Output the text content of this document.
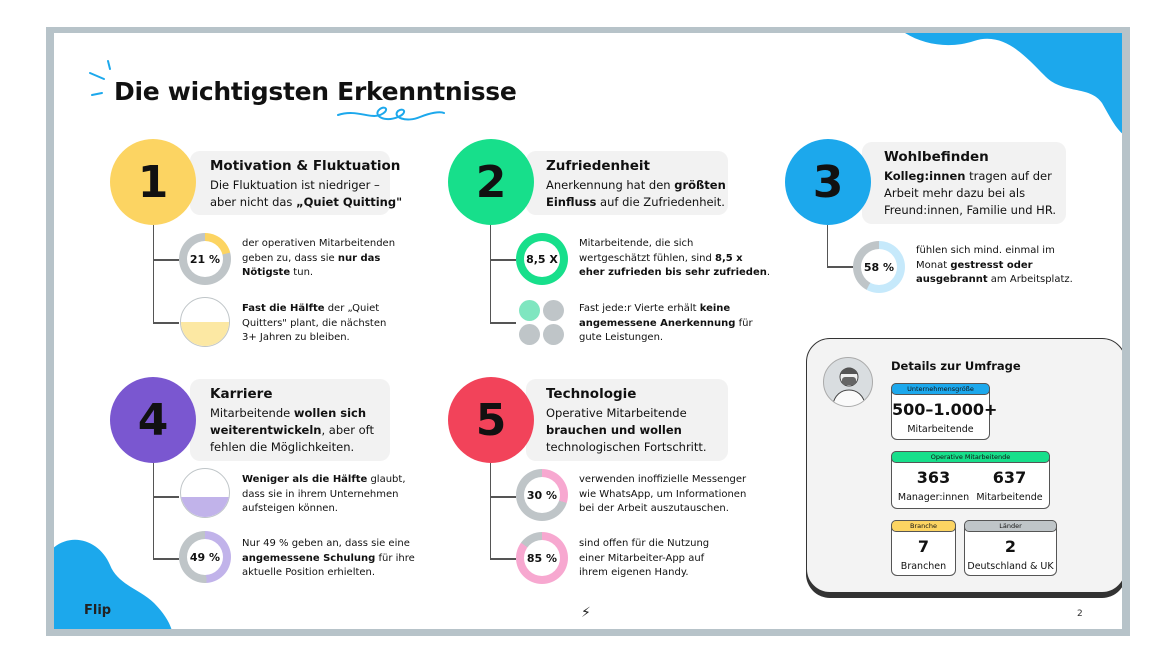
Die wichtigsten Erkenntnisse
Motivation & Fluktuation
Die Fluktuation ist niedriger –
aber nicht das „Quiet Quitting"
1
21 %
der operativen Mitarbeitenden
geben zu, dass sie nur das
Nötigste tun.
Fast die Hälfte der „Quiet
Quitters" plant, die nächsten
3+ Jahren zu bleiben.
Zufriedenheit
Anerkennung hat den größten
Einfluss auf die Zufriedenheit.
2
8,5 X
Mitarbeitende, die sich
wertgeschätzt fühlen, sind 8,5 x
eher zufrieden bis sehr zufrieden.
Fast jede:r Vierte erhält keine
angemessene Anerkennung für
gute Leistungen.
Wohlbefinden
Kolleg:innen tragen auf der
Arbeit mehr dazu bei als
Freund:innen, Familie und HR.
3
58 %
fühlen sich mind. einmal im
Monat gestresst oder
ausgebrannt am Arbeitsplatz.
Karriere
Mitarbeitende wollen sich
weiterentwickeln, aber oft
fehlen die Möglichkeiten.
4
Weniger als die Hälfte glaubt,
dass sie in ihrem Unternehmen
aufsteigen können.
49 %
Nur 49 % geben an, dass sie eine
angemessene Schulung für ihre
aktuelle Position erhielten.
Technologie
Operative Mitarbeitende
brauchen und wollen
technologischen Fortschritt.
5
30 %
verwenden inoffizielle Messenger
wie WhatsApp, um Informationen
bei der Arbeit auszutauschen.
85 %
sind offen für die Nutzung
einer Mitarbeiter-App auf
ihrem eigenen Handy.
Details zur Umfrage
Unternehmensgröße
500–1.000+
Mitarbeitende
Operative Mitarbeitende
363
Manager:innen
637
Mitarbeitende
Branche
7
Branchen
Länder
2
Deutschland & UK
Flip	⚡	2
